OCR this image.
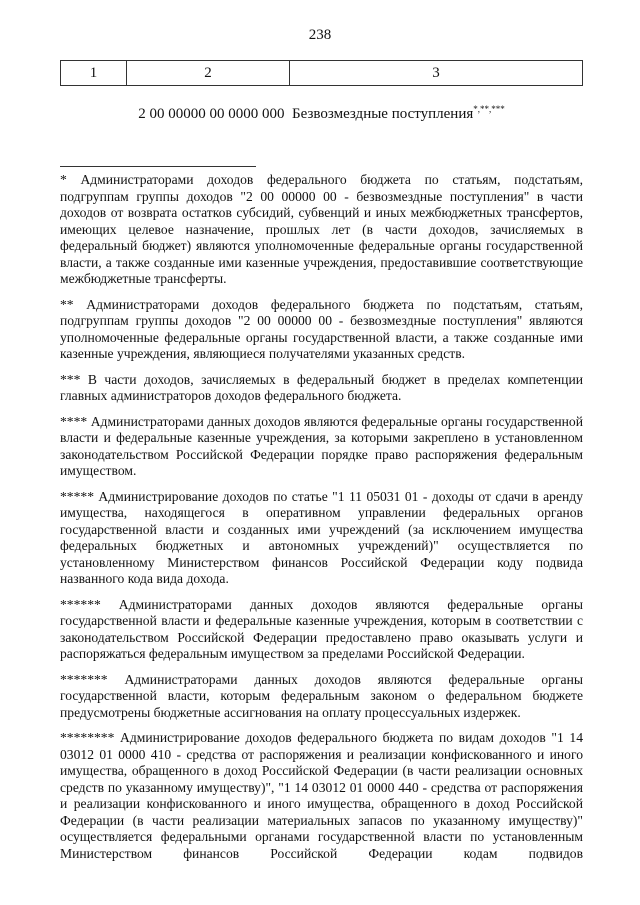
238
1	2	3
2 00 00000 00 0000 000 Безвозмездные поступления*,**,***

* Администраторами доходов федерального бюджета по статьям, подстатьям, подгруппам группы доходов "2 00 00000 00 - безвозмездные поступления" в части доходов от возврата остатков субсидий, субвенций и иных межбюджетных трансфертов, имеющих целевое назначение, прошлых лет (в части доходов, зачисляемых в федеральный бюджет) являются уполномоченные федеральные органы государственной власти, а также созданные ими казенные учреждения, предоставившие соответствующие межбюджетные трансферты.

** Администраторами доходов федерального бюджета по подстатьям, статьям, подгруппам группы доходов "2 00 00000 00 - безвозмездные поступления" являются уполномоченные федеральные органы государственной власти, а также созданные ими казенные учреждения, являющиеся получателями указанных средств.

*** В части доходов, зачисляемых в федеральный бюджет в пределах компетенции главных администраторов доходов федерального бюджета.

**** Администраторами данных доходов являются федеральные органы государственной власти и федеральные казенные учреждения, за которыми закреплено в установленном законодательством Российской Федерации порядке право распоряжения федеральным имуществом.

***** Администрирование доходов по статье "1 11 05031 01 - доходы от сдачи в аренду имущества, находящегося в оперативном управлении федеральных органов государственной власти и созданных ими учреждений (за исключением имущества федеральных бюджетных и автономных учреждений)" осуществляется по установленному Министерством финансов Российской Федерации коду подвида названного кода вида дохода.

****** Администраторами данных доходов являются федеральные органы государственной власти и федеральные казенные учреждения, которым в соответствии с законодательством Российской Федерации предоставлено право оказывать услуги и распоряжаться федеральным имуществом за пределами Российской Федерации.

******* Администраторами данных доходов являются федеральные органы государственной власти, которым федеральным законом о федеральном бюджете предусмотрены бюджетные ассигнования на оплату процессуальных издержек.

******** Администрирование доходов федерального бюджета по видам доходов "1 14 03012 01 0000 410 - средства от распоряжения и реализации конфискованного и иного имущества, обращенного в доход Российской Федерации (в части реализации основных средств по указанному имуществу)", "1 14 03012 01 0000 440 - средства от распоряжения и реализации конфискованного и иного имущества, обращенного в доход Российской Федерации (в части реализации материальных запасов по указанному имуществу)" осуществляется федеральными органами государственной власти по установленным Министерством финансов Российской Федерации кодам подвидов
